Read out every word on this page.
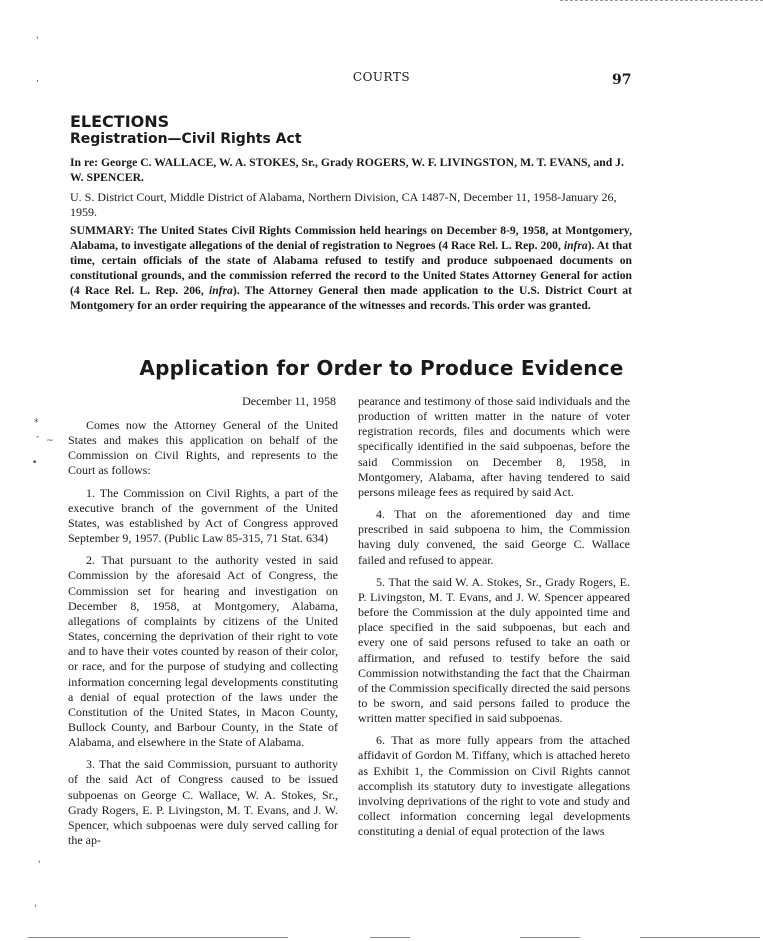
COURTS	97
ELECTIONS
Registration—Civil Rights Act
In re: George C. WALLACE, W. A. STOKES, Sr., Grady ROGERS, W. F. LIVINGSTON, M. T. EVANS, and J. W. SPENCER.
U. S. District Court, Middle District of Alabama, Northern Division, CA 1487-N, December 11, 1958-January 26, 1959.
SUMMARY: The United States Civil Rights Commission held hearings on December 8-9, 1958, at Montgomery, Alabama, to investigate allegations of the denial of registration to Negroes (4 Race Rel. L. Rep. 200, infra). At that time, certain officials of the state of Alabama refused to testify and produce subpoenaed documents on constitutional grounds, and the commission referred the record to the United States Attorney General for action (4 Race Rel. L. Rep. 206, infra). The Attorney General then made application to the U.S. District Court at Montgomery for an order requiring the appearance of the witnesses and records. This order was granted.
Application for Order to Produce Evidence
December 11, 1958

Comes now the Attorney General of the United States and makes this application on behalf of the Commission on Civil Rights, and represents to the Court as follows:

1. The Commission on Civil Rights, a part of the executive branch of the government of the United States, was established by Act of Congress approved September 9, 1957. (Public Law 85-315, 71 Stat. 634)

2. That pursuant to the authority vested in said Commission by the aforesaid Act of Congress, the Commission set for hearing and investigation on December 8, 1958, at Montgomery, Alabama, allegations of complaints by citizens of the United States, concerning the deprivation of their right to vote and to have their votes counted by reason of their color, or race, and for the purpose of studying and collecting information concerning legal developments constituting a denial of equal protection of the laws under the Constitution of the United States, in Macon County, Bullock County, and Barbour County, in the State of Alabama, and elsewhere in the State of Alabama.

3. That the said Commission, pursuant to authority of the said Act of Congress caused to be issued subpoenas on George C. Wallace, W. A. Stokes, Sr., Grady Rogers, E. P. Livingston, M. T. Evans, and J. W. Spencer, which subpoenas were duly served calling for the ap-

pearance and testimony of those said individuals and the production of written matter in the nature of voter registration records, files and documents which were specifically identified in the said subpoenas, before the said Commission on December 8, 1958, in Montgomery, Alabama, after having tendered to said persons mileage fees as required by said Act.

4. That on the aforementioned day and time prescribed in said subpoena to him, the Commission having duly convened, the said George C. Wallace failed and refused to appear.

5. That the said W. A. Stokes, Sr., Grady Rogers, E. P. Livingston, M. T. Evans, and J. W. Spencer appeared before the Commission at the duly appointed time and place specified in the said subpoenas, but each and every one of said persons refused to take an oath or affirmation, and refused to testify before the said Commission notwithstanding the fact that the Chairman of the Commission specifically directed the said persons to be sworn, and said persons failed to produce the written matter specified in said subpoenas.

6. That as more fully appears from the attached affidavit of Gordon M. Tiffany, which is attached hereto as Exhibit 1, the Commission on Civil Rights cannot accomplish its statutory duty to investigate allegations involving deprivations of the right to vote and study and collect information concerning legal developments constituting a denial of equal protection of the laws

'
,
*
- ~
•
'
‘
